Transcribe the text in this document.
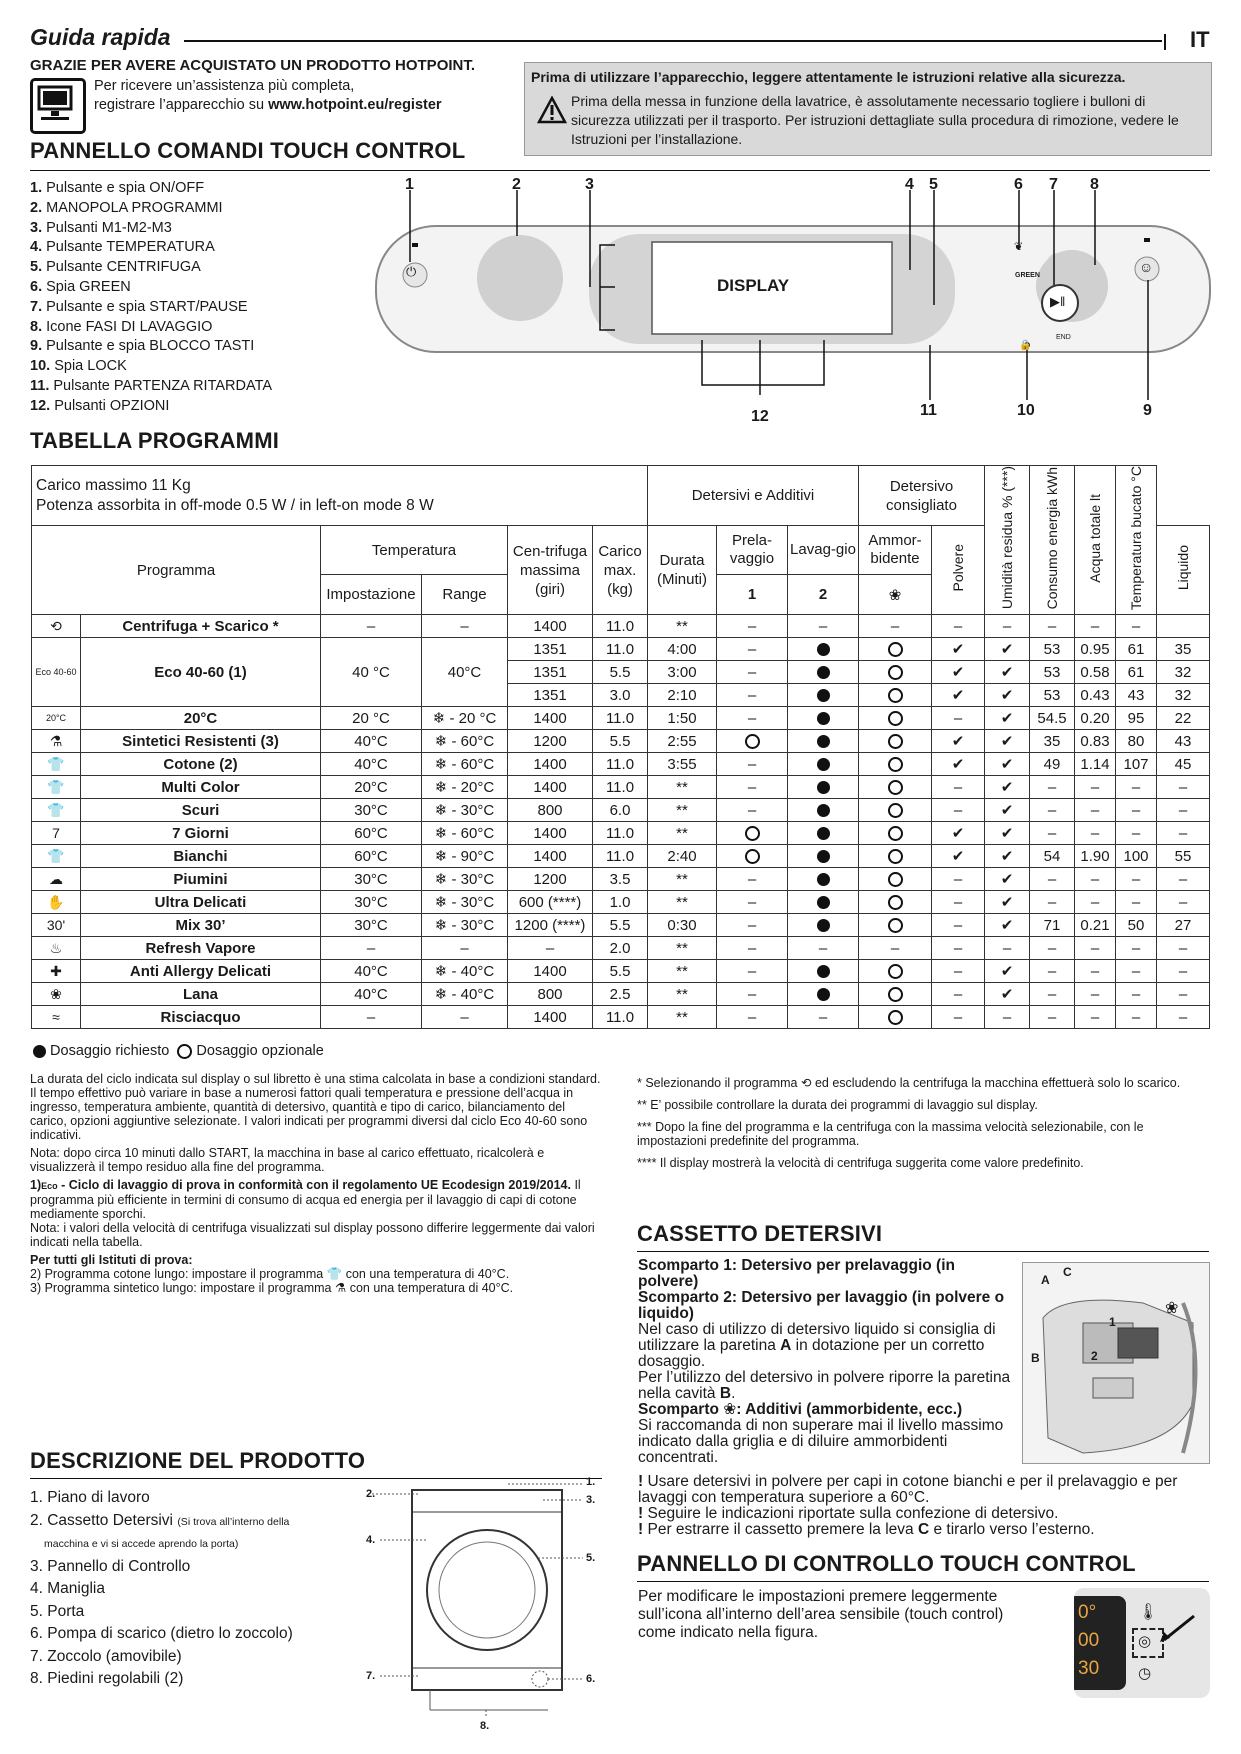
Guida rapida	IT
GRAZIE PER AVERE ACQUISTATO UN PRODOTTO HOTPOINT.
Per ricevere un’assistenza più completa,
registrare l’apparecchio su www.hotpoint.eu/register
Prima di utilizzare l’apparecchio, leggere attentamente le istruzioni relative alla sicurezza.
Prima della messa in funzione della lavatrice, è assolutamente necessario togliere i bulloni di sicurezza utilizzati per il trasporto. Per istruzioni dettagliate sulla procedura di rimozione, vedere le Istruzioni per l’installazione.
PANNELLO COMANDI TOUCH CONTROL
1. Pulsante e spia ON/OFF
2. MANOPOLA PROGRAMMI
3. Pulsanti M1-M2-M3
4. Pulsante TEMPERATURA
5. Pulsante CENTRIFUGA
6. Spia GREEN
7. Pulsante e spia START/PAUSE
8. Icone FASI DI LAVAGGIO
9. Pulsante e spia BLOCCO TASTI
10. Spia LOCK
11. Pulsante PARTENZA RITARDATA
12. Pulsanti OPZIONI
⏻
DISPLAY
❦
GREEN
▶‖
END
🔒
☺
1	2	3	4 5	6 7 8
9
10
11
12
TABELLA PROGRAMMI
Carico massimo 11 Kg
Potenza assorbita in off-mode 0.5 W / in left-on mode 8 W						Detersivi e Additivi			Detersivo consigliato		Umidità residua % (***)	Consumo energia kWh	Acqua totale lt	Temperatura bucato °C	
Programma		Temperatura		Cen-trifuga massima (giri)	Carico max. (kg)	Durata (Minuti)	Prela-vaggio	Lavag-gio	Ammor-bidente	Polvere					Liquido
		Impostazione	Range				1	2	❀						
⟲	Centrifuga + Scarico *	–	–	1400	11.0	**	–	–	–	–	–	–	–	–	
Eco 40-60	Eco 40-60 (1)	40 °C	40°C	1351	11.0	4:00	–			✔	✔	53	0.95	61	35
				1351	5.5	3:00	–			✔	✔	53	0.58	61	32
				1351	3.0	2:10	–			✔	✔	53	0.43	43	32
20°C	20°C	20 °C	❄ - 20 °C	1400	11.0	1:50	–			–	✔	54.5	0.20	95	22
⚗	Sintetici Resistenti (3)	40°C	❄ - 60°C	1200	5.5	2:55				✔	✔	35	0.83	80	43
👕	Cotone (2)	40°C	❄ - 60°C	1400	11.0	3:55	–			✔	✔	49	1.14	107	45
👕	Multi Color	20°C	❄ - 20°C	1400	11.0	**	–			–	✔	–	–	–	–
👕	Scuri	30°C	❄ - 30°C	800	6.0	**	–			–	✔	–	–	–	–
7	7 Giorni	60°C	❄ - 60°C	1400	11.0	**				✔	✔	–	–	–	–
👕	Bianchi	60°C	❄ - 90°C	1400	11.0	2:40				✔	✔	54	1.90	100	55
☁	Piumini	30°C	❄ - 30°C	1200	3.5	**	–			–	✔	–	–	–	–
✋	Ultra Delicati	30°C	❄ - 30°C	600 (****)	1.0	**	–			–	✔	–	–	–	–
30'	Mix 30’	30°C	❄ - 30°C	1200 (****)	5.5	0:30	–			–	✔	71	0.21	50	27
♨	Refresh Vapore	–	–	–	2.0	**	–	–	–	–	–	–	–	–	–
✚	Anti Allergy Delicati	40°C	❄ - 40°C	1400	5.5	**	–			–	✔	–	–	–	–
❀	Lana	40°C	❄ - 40°C	800	2.5	**	–			–	✔	–	–	–	–
≈	Risciacquo	–	–	1400	11.0	**	–	–		–	–	–	–	–	–
Dosaggio richiesto Dosaggio opzionale
La durata del ciclo indicata sul display o sul libretto è una stima calcolata in base a condizioni standard. Il tempo effettivo può variare in base a numerosi fattori quali temperatura e pressione dell’acqua in ingresso, temperatura ambiente, quantità di detersivo, quantità e tipo di carico, bilanciamento del carico, opzioni aggiuntive selezionate. I valori indicati per programmi diversi dal ciclo Eco 40-60 sono indicativi.
Nota: dopo circa 10 minuti dallo START, la macchina in base al carico effettuato, ricalcolerà e visualizzerà il tempo residuo alla fine del programma.
1)Eco - Ciclo di lavaggio di prova in conformità con il regolamento UE Ecodesign 2019/2014. Il programma più efficiente in termini di consumo di acqua ed energia per il lavaggio di capi di cotone mediamente sporchi.
Nota: i valori della velocità di centrifuga visualizzati sul display possono differire leggermente dai valori indicati nella tabella.
Per tutti gli Istituti di prova:
2) Programma cotone lungo: impostare il programma 👕 con una temperatura di 40°C.
3) Programma sintetico lungo: impostare il programma ⚗ con una temperatura di 40°C.
* Selezionando il programma ⟲ ed escludendo la centrifuga la macchina effettuerà solo lo scarico.
** E’ possibile controllare la durata dei programmi di lavaggio sul display.
*** Dopo la fine del programma e la centrifuga con la massima velocità selezionabile, con le impostazioni predefinite del programma.
**** Il display mostrerà la velocità di centrifuga suggerita come valore predefinito.
CASSETTO DETERSIVI
Scomparto 1: Detersivo per prelavaggio (in polvere)
Scomparto 2: Detersivo per lavaggio (in polvere o liquido)
Nel caso di utilizzo di detersivo liquido si consiglia di utilizzare la paretina A in dotazione per un corretto dosaggio.
Per l’utilizzo del detersivo in polvere riporre la paretina nella cavità B.
Scomparto ❀: Additivi (ammorbidente, ecc.)
Si raccomanda di non superare mai il livello massimo indicato dalla griglia e di diluire ammorbidenti concentrati.
! Usare detersivi in polvere per capi in cotone bianchi e per il prelavaggio e per lavaggi con temperatura superiore a 60°C.
! Seguire le indicazioni riportate sulla confezione di detersivo.
! Per estrarre il cassetto premere la leva C e tirarlo verso l’esterno.
A
C
B
1
2
❀
DESCRIZIONE DEL PRODOTTO
1. Piano di lavoro
2. Cassetto Detersivi (Si trova all’interno della
macchina e vi si accede aprendo la porta)
3. Pannello di Controllo
4. Maniglia
5. Porta
6. Pompa di scarico (dietro lo zoccolo)
7. Zoccolo (amovibile)
8. Piedini regolabili (2)
1.
2.	3.
4.
5.
6.
7.
8.
PANNELLO DI CONTROLLO TOUCH CONTROL
Per modificare le impostazioni premere leggermente sull’icona all’interno dell’area sensibile (touch control) come indicato nella figura.
0°
00
30
🌡
◎
◷
